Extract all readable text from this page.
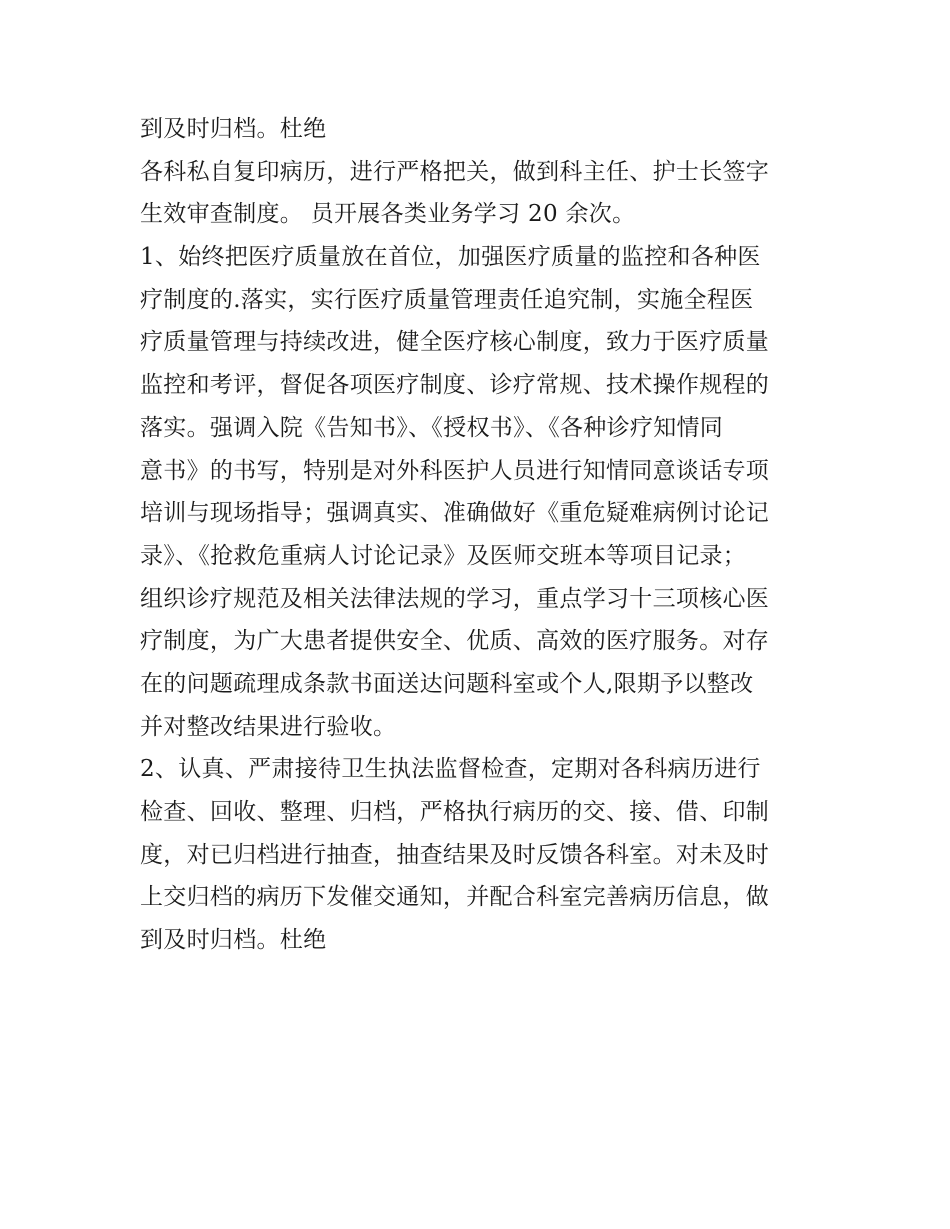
到及时归档。杜绝
各科私自复印病历，进行严格把关，做到科主任、护士长签字
生效审查制度。 员开展各类业务学习 20 余次。
1、始终把医疗质量放在首位，加强医疗质量的监控和各种医
疗制度的.落实，实行医疗质量管理责任追究制，实施全程医
疗质量管理与持续改进，健全医疗核心制度，致力于医疗质量
监控和考评，督促各项医疗制度、诊疗常规、技术操作规程的
落实。强调入院《告知书》、《授权书》、《各种诊疗知情同
意书》的书写，特别是对外科医护人员进行知情同意谈话专项
培训与现场指导；强调真实、准确做好《重危疑难病例讨论记
录》、《抢救危重病人讨论记录》及医师交班本等项目记录；
组织诊疗规范及相关法律法规的学习，重点学习十三项核心医
疗制度，为广大患者提供安全、优质、高效的医疗服务。对存
在的问题疏理成条款书面送达问题科室或个人,限期予以整改
并对整改结果进行验收。
2、认真、严肃接待卫生执法监督检查，定期对各科病历进行
检查、回收、整理、归档，严格执行病历的交、接、借、印制
度，对已归档进行抽查，抽查结果及时反馈各科室。对未及时
上交归档的病历下发催交通知，并配合科室完善病历信息，做
到及时归档。杜绝
